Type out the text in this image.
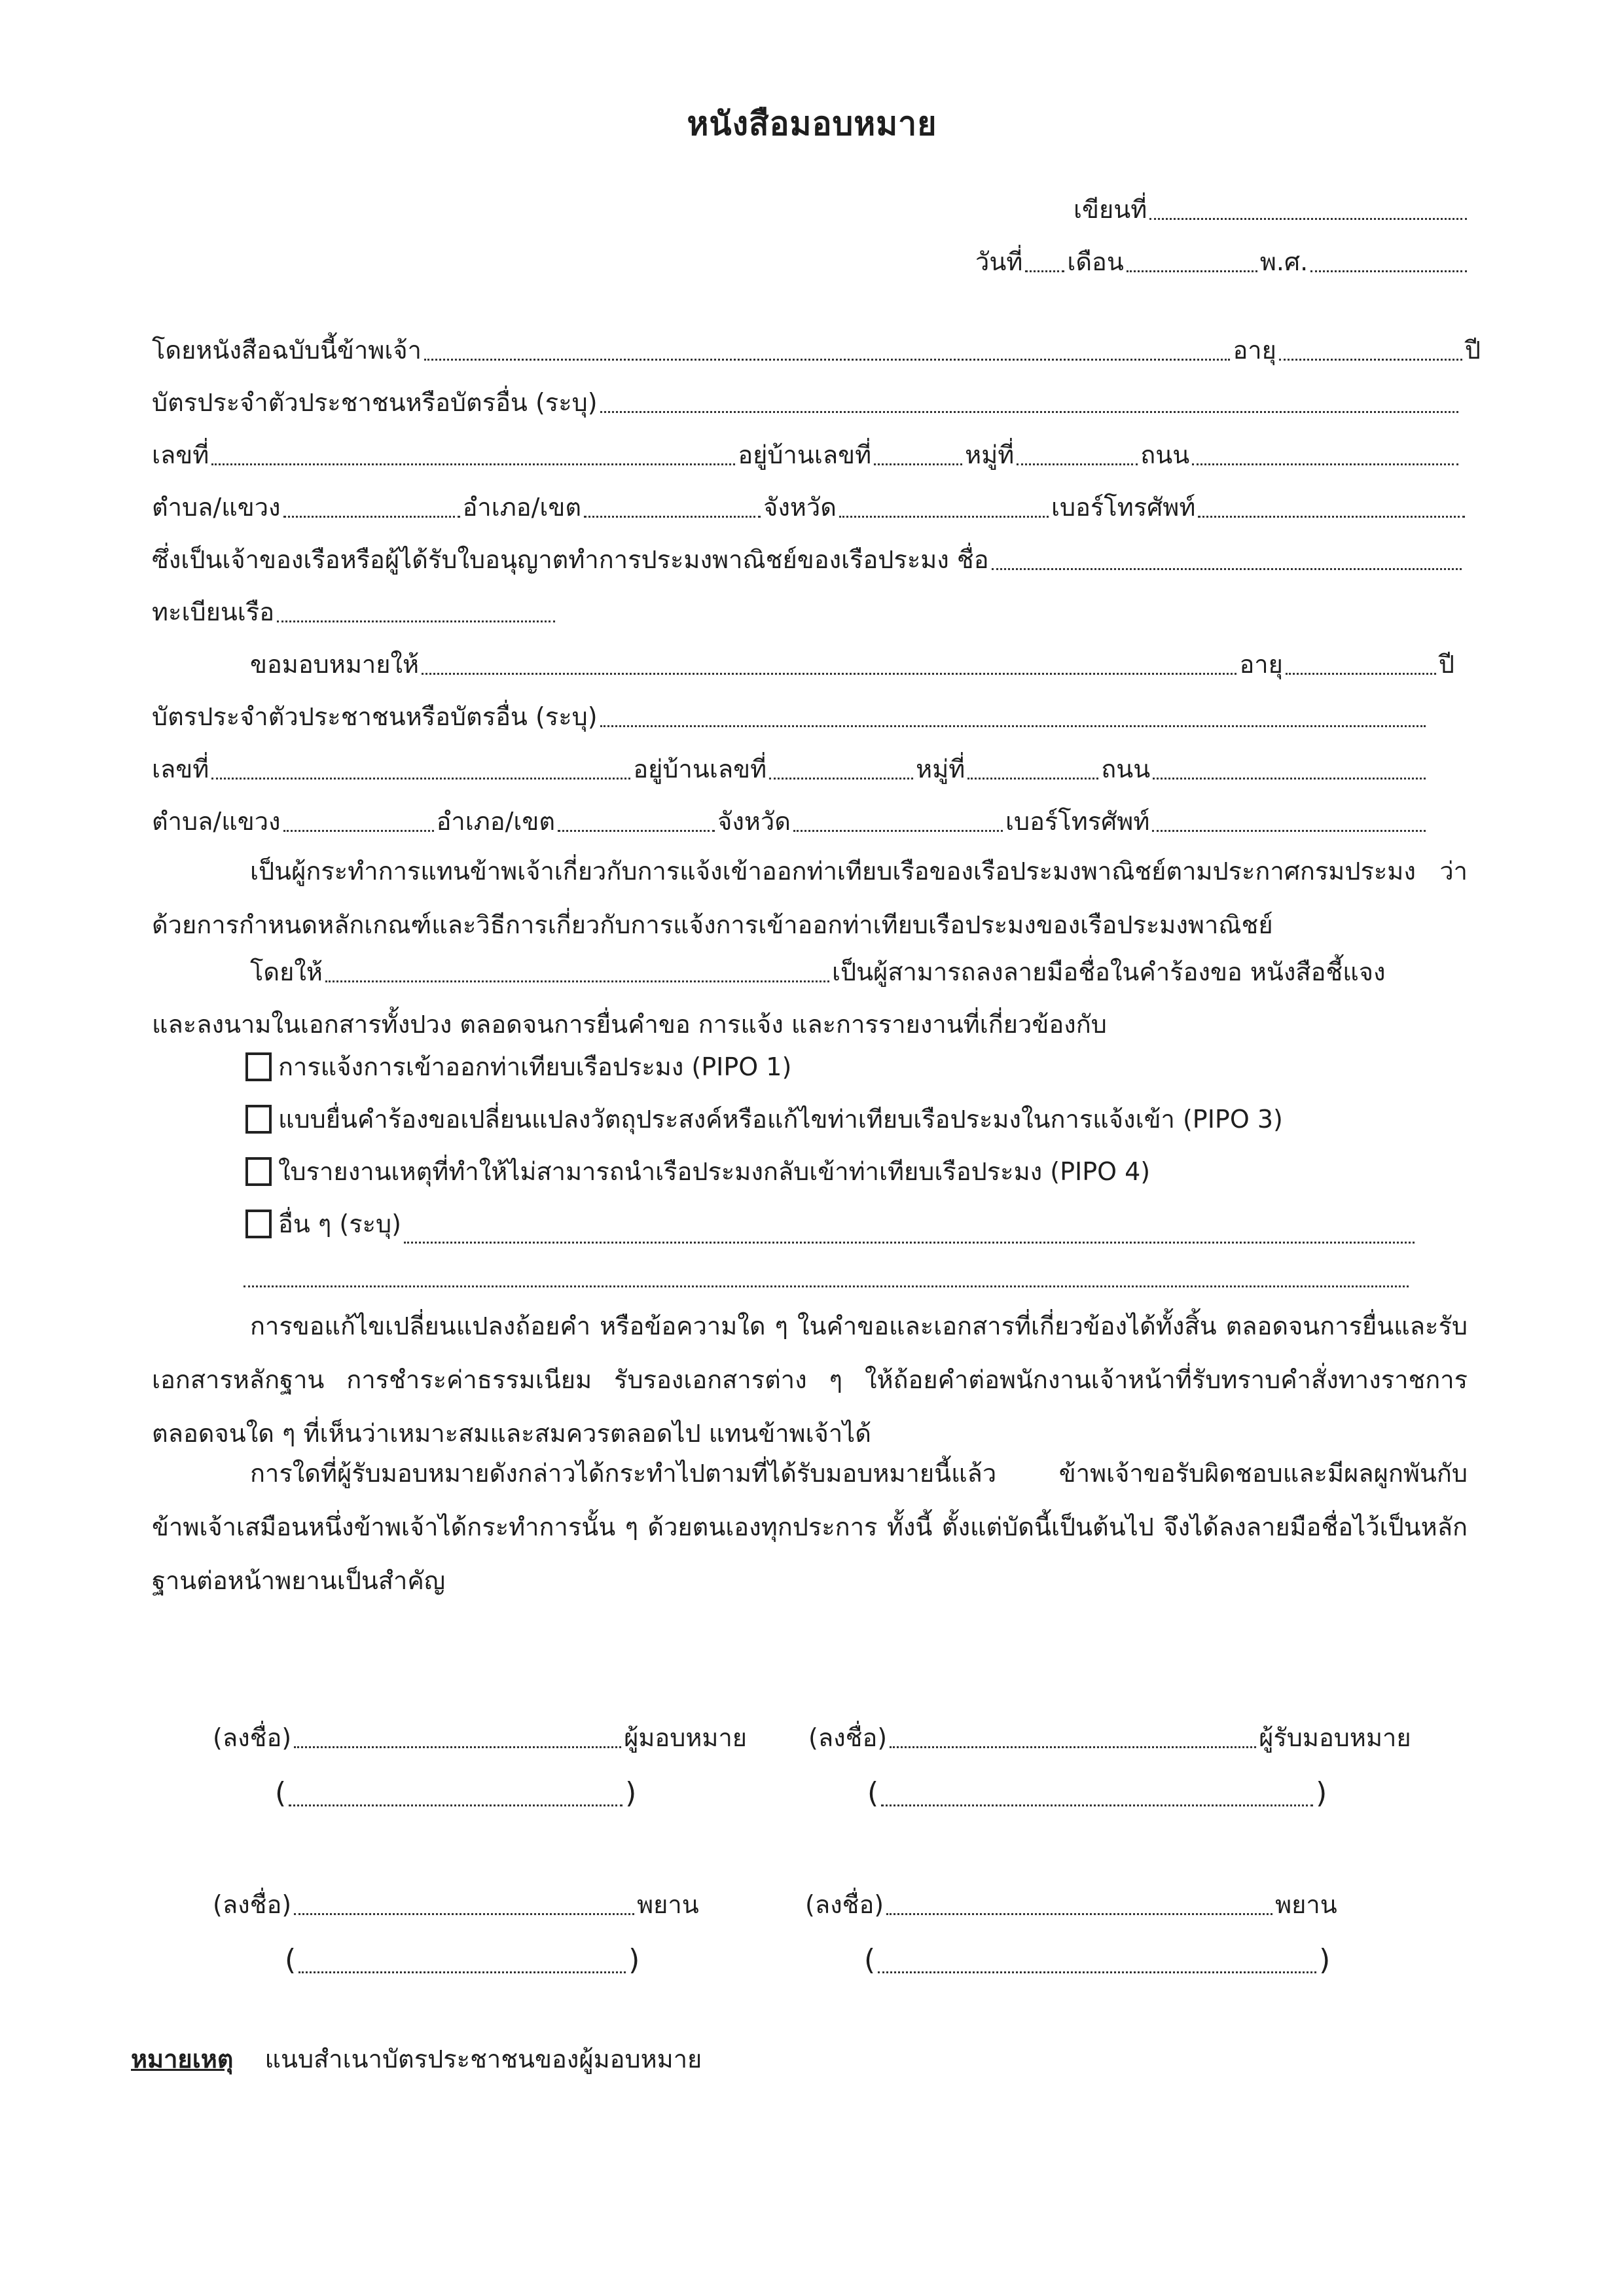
หนังสือมอบหมาย
เขียนที่
วันที่ เดือน	พ.ศ.
โดยหนังสือฉบับนี้ข้าพเจ้า	อายุ	ปี
บัตรประจำตัวประชาชนหรือบัตรอื่น (ระบุ)
เลขที่	อยู่บ้านเลขที่	หมู่ที่	ถนน
ตำบล/แขวง	อำเภอ/เขต	จังหวัด	เบอร์โทรศัพท์
ซึ่งเป็นเจ้าของเรือหรือผู้ได้รับใบอนุญาตทำการประมงพาณิชย์ของเรือประมง ชื่อ
ทะเบียนเรือ
ขอมอบหมายให้	อายุ	ปี
บัตรประจำตัวประชาชนหรือบัตรอื่น (ระบุ)
เลขที่	อยู่บ้านเลขที่	หมู่ที่	ถนน
ตำบล/แขวง	อำเภอ/เขต	จังหวัด	เบอร์โทรศัพท์
เป็นผู้กระทำการแทนข้าพเจ้าเกี่ยวกับการแจ้งเข้าออกท่าเทียบเรือของเรือประมงพาณิชย์ตามประกาศกรมประมง ว่าด้วยการกำหนดหลักเกณฑ์และวิธีการเกี่ยวกับการแจ้งการเข้าออกท่าเทียบเรือประมงของเรือประมงพาณิชย์
โดยให้	เป็นผู้สามารถลงลายมือชื่อในคำร้องขอ หนังสือชี้แจง
และลงนามในเอกสารทั้งปวง ตลอดจนการยื่นคำขอ การแจ้ง และการรายงานที่เกี่ยวข้องกับ
การแจ้งการเข้าออกท่าเทียบเรือประมง (PIPO 1)
แบบยื่นคำร้องขอเปลี่ยนแปลงวัตถุประสงค์หรือแก้ไขท่าเทียบเรือประมงในการแจ้งเข้า (PIPO 3)
ใบรายงานเหตุที่ทำให้ไม่สามารถนำเรือประมงกลับเข้าท่าเทียบเรือประมง (PIPO 4)
อื่น ๆ (ระบุ)
การขอแก้ไขเปลี่ยนแปลงถ้อยคำ หรือข้อความใด ๆ ในคำขอและเอกสารที่เกี่ยวข้องได้ทั้งสิ้น ตลอดจนการยื่นและรับเอกสารหลักฐาน การชำระค่าธรรมเนียม รับรองเอกสารต่าง ๆ ให้ถ้อยคำต่อพนักงานเจ้าหน้าที่รับทราบคำสั่งทางราชการ ตลอดจนใด ๆ ที่เห็นว่าเหมาะสมและสมควรตลอดไป แทนข้าพเจ้าได้
การใดที่ผู้รับมอบหมายดังกล่าวได้กระทำไปตามที่ได้รับมอบหมายนี้แล้ว ข้าพเจ้าขอรับผิดชอบและมีผลผูกพันกับข้าพเจ้าเสมือนหนึ่งข้าพเจ้าได้กระทำการนั้น ๆ ด้วยตนเองทุกประการ ทั้งนี้ ตั้งแต่บัดนี้เป็นต้นไป จึงได้ลงลายมือชื่อไว้เป็นหลักฐานต่อหน้าพยานเป็นสำคัญ
(ลงชื่อ)	ผู้มอบหมาย
(	)
(ลงชื่อ)	ผู้รับมอบหมาย
(	)
(ลงชื่อ)	พยาน
(	)
(ลงชื่อ)	พยาน
(	)
หมายเหตุ แนบสำเนาบัตรประชาชนของผู้มอบหมาย
